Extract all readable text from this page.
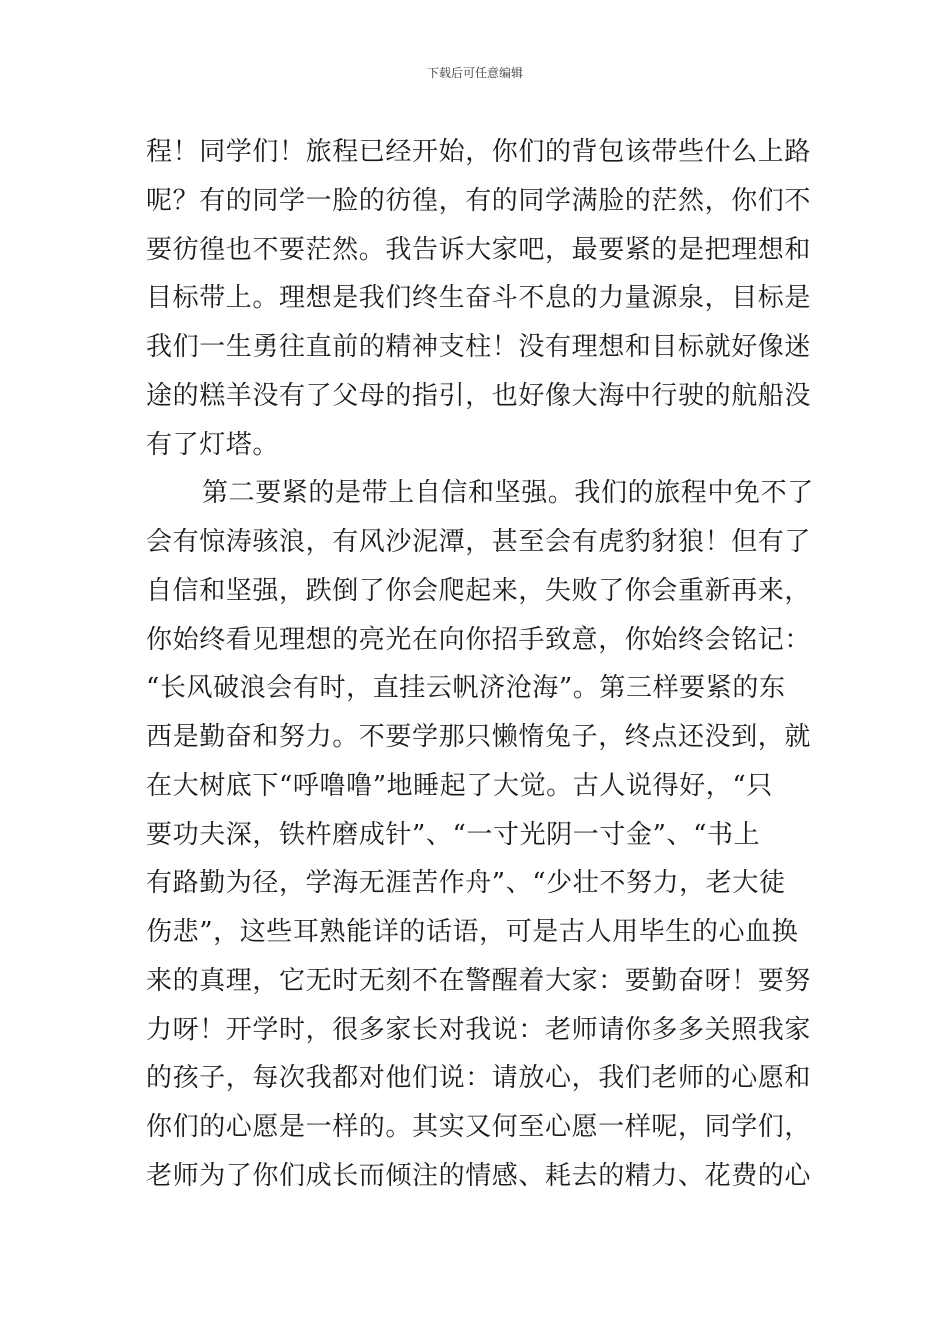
下载后可任意编辑
程！同学们！旅程已经开始，你们的背包该带些什么上路
呢？有的同学一脸的彷徨，有的同学满脸的茫然，你们不
要彷徨也不要茫然。我告诉大家吧，最要紧的是把理想和
目标带上。理想是我们终生奋斗不息的力量源泉，目标是
我们一生勇往直前的精神支柱！没有理想和目标就好像迷
途的糕羊没有了父母的指引，也好像大海中行驶的航船没
有了灯塔。
第二要紧的是带上自信和坚强。我们的旅程中免不了
会有惊涛骇浪，有风沙泥潭，甚至会有虎豹豺狼！但有了
自信和坚强，跌倒了你会爬起来，失败了你会重新再来，
你始终看见理想的亮光在向你招手致意，你始终会铭记：
“长风破浪会有时，直挂云帆济沧海”。第三样要紧的东
西是勤奋和努力。不要学那只懒惰兔子，终点还没到，就
在大树底下“呼噜噜”地睡起了大觉。古人说得好，“只
要功夫深，铁杵磨成针”、“一寸光阴一寸金”、“书上
有路勤为径，学海无涯苦作舟”、“少壮不努力，老大徒
伤悲”，这些耳熟能详的话语，可是古人用毕生的心血换
来的真理，它无时无刻不在警醒着大家：要勤奋呀！要努
力呀！开学时，很多家长对我说：老师请你多多关照我家
的孩子，每次我都对他们说：请放心，我们老师的心愿和
你们的心愿是一样的。其实又何至心愿一样呢，同学们，
老师为了你们成长而倾注的情感、耗去的精力、花费的心
